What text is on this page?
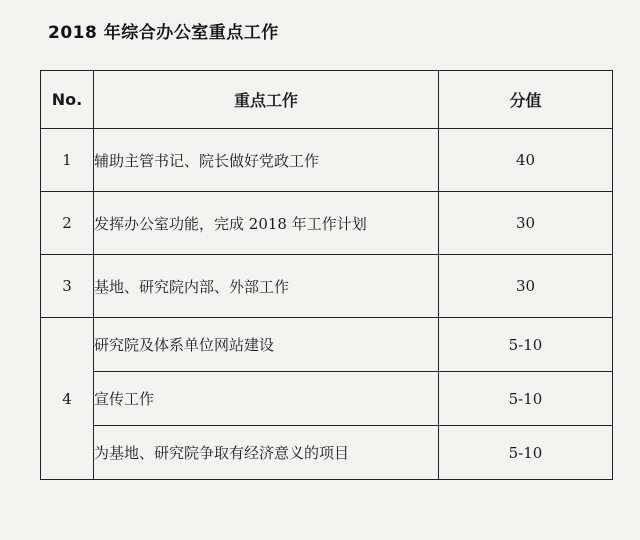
2018 年综合办公室重点工作
No.	重点工作	分值
1	辅助主管书记、院长做好党政工作	40
2	发挥办公室功能，完成 2018 年工作计划	30
3	基地、研究院内部、外部工作	30
4	研究院及体系单位网站建设	5-10
	宣传工作	5-10
	为基地、研究院争取有经济意义的项目	5-10
